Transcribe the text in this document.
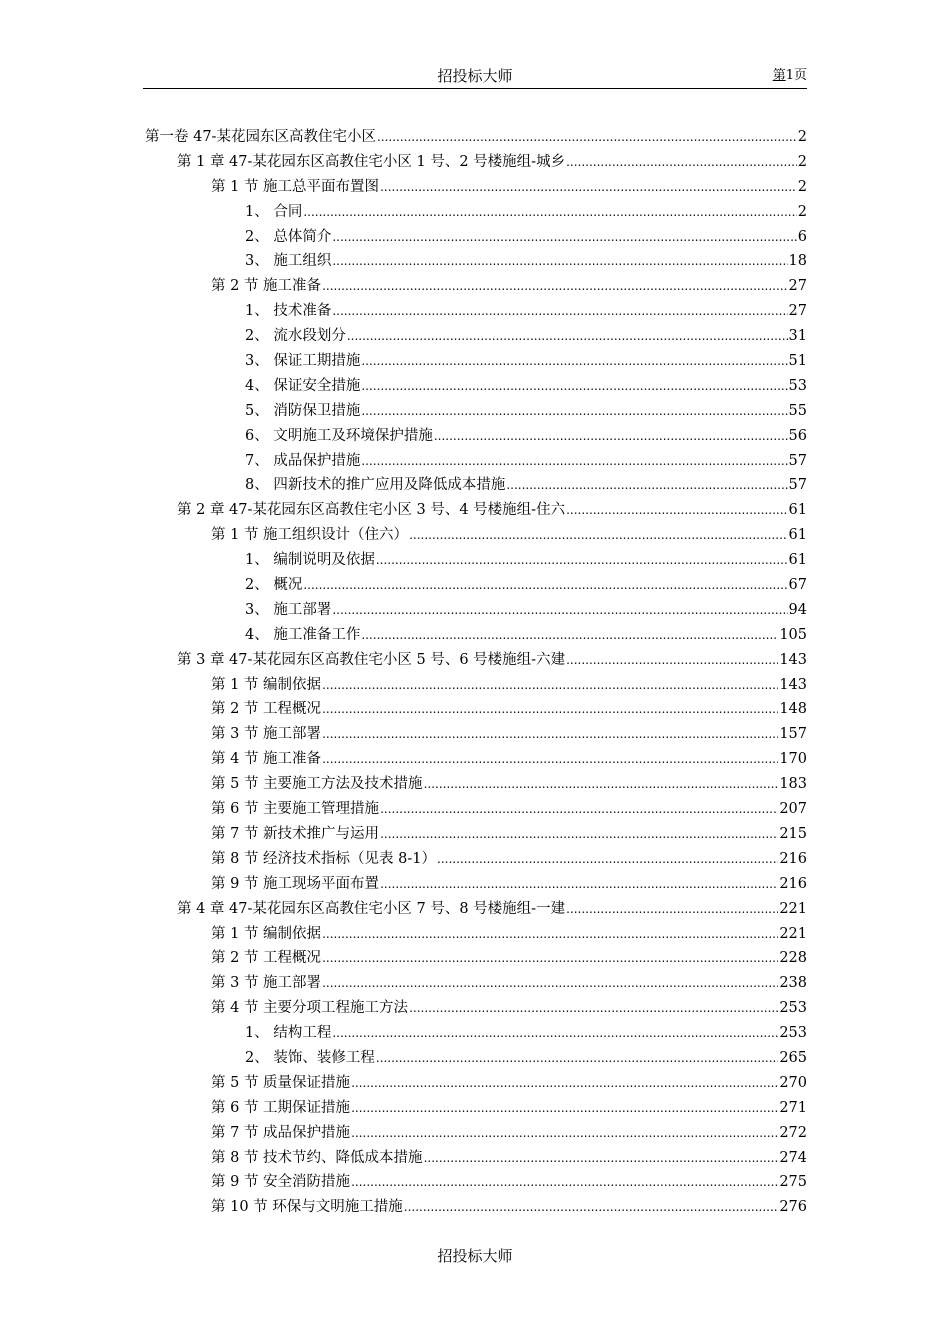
招投标大师	第1页
第一卷 47-某花园东区高教住宅小区 .....	2
第 1 章 47-某花园东区高教住宅小区 1 号、2 号楼施组-城乡 .....	2
第 1 节 施工总平面布置图 .....	2
1、 合同 .....	2
2、 总体简介 .....	6
3、 施工组织 .....	18
第 2 节 施工准备 .....	27
1、 技术准备 .....	27
2、 流水段划分 .....	31
3、 保证工期措施 .....	51
4、 保证安全措施 .....	53
5、 消防保卫措施 .....	55
6、 文明施工及环境保护措施 .....	56
7、 成品保护措施 .....	57
8、 四新技术的推广应用及降低成本措施 .....	57
第 2 章 47-某花园东区高教住宅小区 3 号、4 号楼施组-住六 .....	61
第 1 节 施工组织设计（住六） .....	61
1、 编制说明及依据 .....	61
2、 概况 .....	67
3、 施工部署 .....	94
4、 施工准备工作 .....	105
第 3 章 47-某花园东区高教住宅小区 5 号、6 号楼施组-六建 .....	143
第 1 节 编制依据 .....	143
第 2 节 工程概况 .....	148
第 3 节 施工部署 .....	157
第 4 节 施工准备 .....	170
第 5 节 主要施工方法及技术措施 .....	183
第 6 节 主要施工管理措施 .....	207
第 7 节 新技术推广与运用 .....	215
第 8 节 经济技术指标（见表 8-1） .....	216
第 9 节 施工现场平面布置 .....	216
第 4 章 47-某花园东区高教住宅小区 7 号、8 号楼施组-一建 .....	221
第 1 节 编制依据 .....	221
第 2 节 工程概况 .....	228
第 3 节 施工部署 .....	238
第 4 节 主要分项工程施工方法 .....	253
1、 结构工程 .....	253
2、 装饰、装修工程 .....	265
第 5 节 质量保证措施 .....	270
第 6 节 工期保证措施 .....	271
第 7 节 成品保护措施 .....	272
第 8 节 技术节约、降低成本措施 .....	274
第 9 节 安全消防措施 .....	275
第 10 节 环保与文明施工措施 .....	276
招投标大师
